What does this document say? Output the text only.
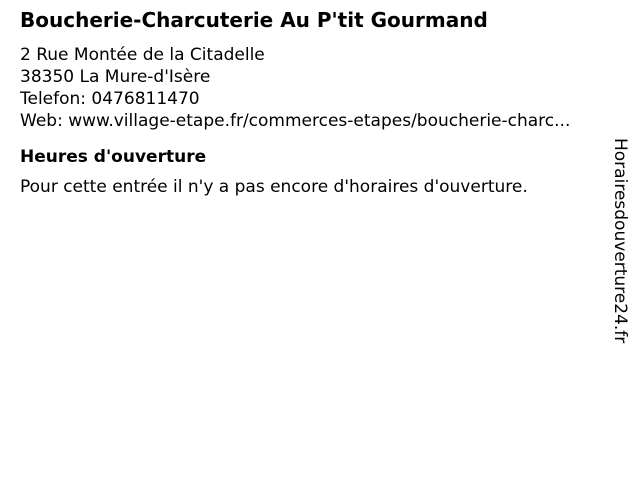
Boucherie-Charcuterie Au P'tit Gourmand
2 Rue Montée de la Citadelle
38350 La Mure-d'Isère
Telefon: 0476811470
Web: www.village-etape.fr/commerces-etapes/boucherie-charc...
Heures d'ouverture

Pour cette entrée il n'y a pas encore d'horaires d'ouverture.	Horairesdouverture24.fr
